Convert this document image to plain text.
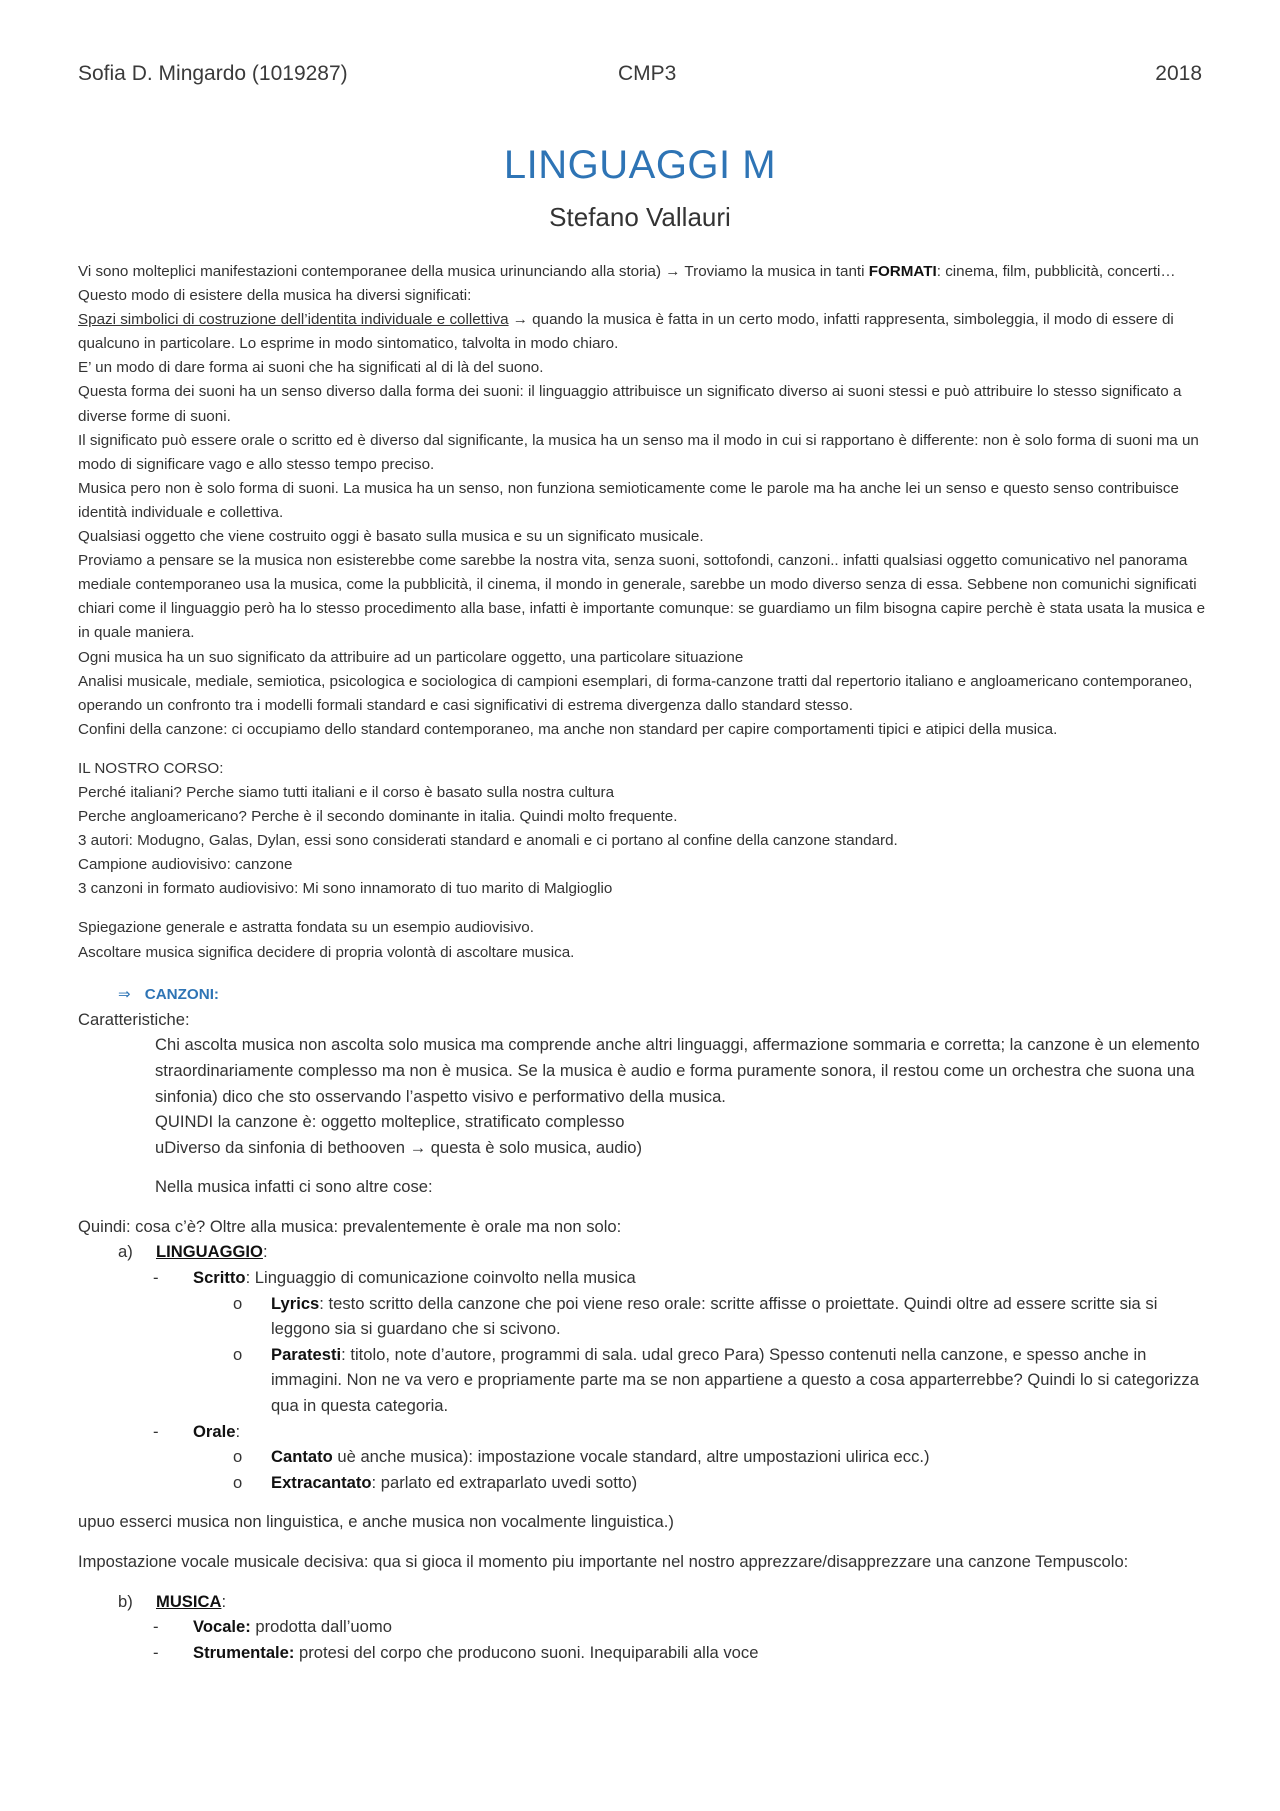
Sofia D. Mingardo (1019287)	CMP3	2018
LINGUAGGI M
Stefano Vallauri

Vi sono molteplici manifestazioni contemporanee della musica urinunciando alla storia) → Troviamo la musica in tanti FORMATI: cinema, film, pubblicità, concerti…

Questo modo di esistere della musica ha diversi significati:

Spazi simbolici di costruzione dell’identita individuale e collettiva → quando la musica è fatta in un certo modo, infatti rappresenta, simboleggia, il modo di essere di qualcuno in particolare. Lo esprime in modo sintomatico, talvolta in modo chiaro.

E’ un modo di dare forma ai suoni che ha significati al di là del suono.

Questa forma dei suoni ha un senso diverso dalla forma dei suoni: il linguaggio attribuisce un significato diverso ai suoni stessi e può attribuire lo stesso significato a diverse forme di suoni.

Il significato può essere orale o scritto ed è diverso dal significante, la musica ha un senso ma il modo in cui si rapportano è differente: non è solo forma di suoni ma un modo di significare vago e allo stesso tempo preciso.

Musica pero non è solo forma di suoni. La musica ha un senso, non funziona semioticamente come le parole ma ha anche lei un senso e questo senso contribuisce identità individuale e collettiva.

Qualsiasi oggetto che viene costruito oggi è basato sulla musica e su un significato musicale.

Proviamo a pensare se la musica non esisterebbe come sarebbe la nostra vita, senza suoni, sottofondi, canzoni.. infatti qualsiasi oggetto comunicativo nel panorama mediale contemporaneo usa la musica, come la pubblicità, il cinema, il mondo in generale, sarebbe un modo diverso senza di essa. Sebbene non comunichi significati chiari come il linguaggio però ha lo stesso procedimento alla base, infatti è importante comunque: se guardiamo un film bisogna capire perchè è stata usata la musica e in quale maniera.

Ogni musica ha un suo significato da attribuire ad un particolare oggetto, una particolare situazione

Analisi musicale, mediale, semiotica, psicologica e sociologica di campioni esemplari, di forma-canzone tratti dal repertorio italiano e angloamericano contemporaneo, operando un confronto tra i modelli formali standard e casi significativi di estrema divergenza dallo standard stesso.

Confini della canzone: ci occupiamo dello standard contemporaneo, ma anche non standard per capire comportamenti tipici e atipici della musica.

IL NOSTRO CORSO:

Perché italiani? Perche siamo tutti italiani e il corso è basato sulla nostra cultura

Perche angloamericano? Perche è il secondo dominante in italia. Quindi molto frequente.

3 autori: Modugno, Galas, Dylan, essi sono considerati standard e anomali e ci portano al confine della canzone standard.

Campione audiovisivo: canzone

3 canzoni in formato audiovisivo: Mi sono innamorato di tuo marito di Malgioglio

Spiegazione generale e astratta fondata su un esempio audiovisivo.

Ascoltare musica significa decidere di propria volontà di ascoltare musica.

⇒ CANZONI:

Caratteristiche:

Chi ascolta musica non ascolta solo musica ma comprende anche altri linguaggi, affermazione sommaria e corretta; la canzone è un elemento straordinariamente complesso ma non è musica. Se la musica è audio e forma puramente sonora, il restou come un orchestra che suona una sinfonia) dico che sto osservando l’aspetto visivo e performativo della musica.

QUINDI la canzone è: oggetto molteplice, stratificato complesso

uDiverso da sinfonia di bethooven → questa è solo musica, audio)

Nella musica infatti ci sono altre cose:

Quindi: cosa c’è? Oltre alla musica: prevalentemente è orale ma non solo:

a)	LINGUAGGIO:
-	Scritto: Linguaggio di comunicazione coinvolto nella musica
o	Lyrics: testo scritto della canzone che poi viene reso orale: scritte affisse o proiettate. Quindi oltre ad essere scritte sia si leggono sia si guardano che si scivono.
o	Paratesti: titolo, note d’autore, programmi di sala. udal greco Para) Spesso contenuti nella canzone, e spesso anche in immagini. Non ne va vero e propriamente parte ma se non appartiene a questo a cosa apparterrebbe? Quindi lo si categorizza qua in questa categoria.
-	Orale:
o	Cantato uè anche musica): impostazione vocale standard, altre umpostazioni ulirica ecc.)
o	Extracantato: parlato ed extraparlato uvedi sotto)

upuo esserci musica non linguistica, e anche musica non vocalmente linguistica.)

Impostazione vocale musicale decisiva: qua si gioca il momento piu importante nel nostro apprezzare/disapprezzare una canzone Tempuscolo:

b)	MUSICA:
-	Vocale: prodotta dall’uomo
-	Strumentale: protesi del corpo che producono suoni. Inequiparabili alla voce
